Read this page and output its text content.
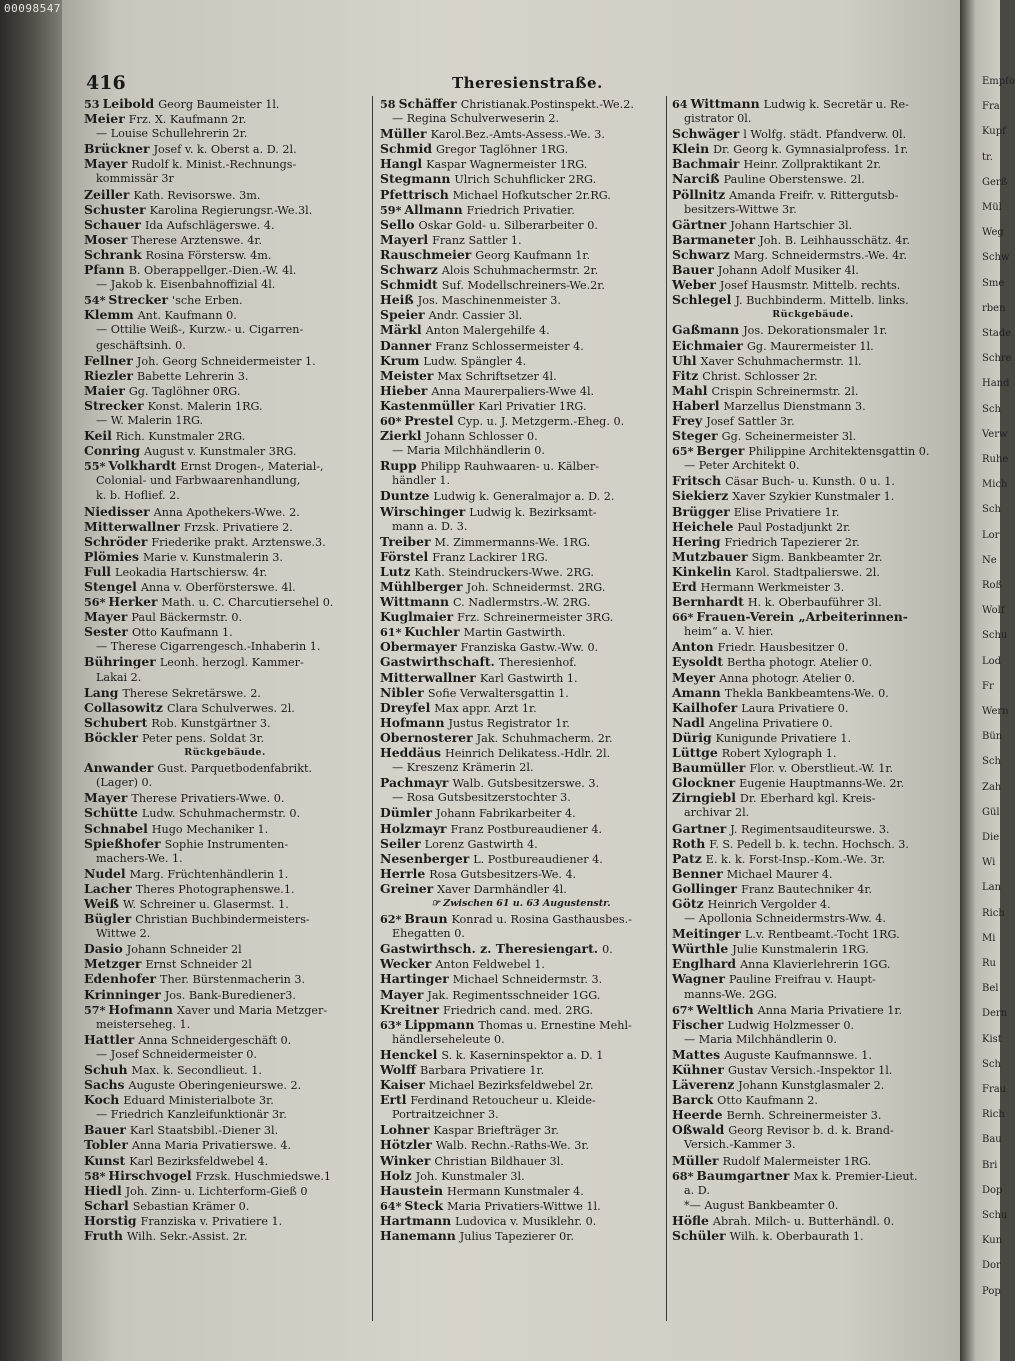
00098547
416	Theresienstraße.
53 Leibold Georg Baumeister 1l.
Meier Frz. X. Kaufmann 2r.
— Louise Schullehrerin 2r.
Brückner Josef v. k. Oberst a. D. 2l.
Mayer Rudolf k. Minist.-Rechnungs-
kommissär 3r
Zeiller Kath. Revisorswe. 3m.
Schuster Karolina Regierungsr.-We.3l.
Schauer Ida Aufschlägerswe. 4.
Moser Therese Arztenswe. 4r.
Schrank Rosina Förstersw. 4m.
Pfann B. Oberappellger.-Dien.-W. 4l.
— Jakob k. Eisenbahnoffizial 4l.
54* Strecker 'sche Erben.
Klemm Ant. Kaufmann 0.
— Ottilie Weiß-, Kurzw.- u. Cigarren-
geschäftsinh. 0.
Fellner Joh. Georg Schneidermeister 1.
Riezler Babette Lehrerin 3.
Maier Gg. Taglöhner 0RG.
Strecker Konst. Malerin 1RG.
— W. Malerin 1RG.
Keil Rich. Kunstmaler 2RG.
Conring August v. Kunstmaler 3RG.
55* Volkhardt Ernst Drogen-, Material-,
Colonial- und Farbwaarenhandlung,
k. b. Hoflief. 2.
Niedisser Anna Apothekers-Wwe. 2.
Mitterwallner Frzsk. Privatiere 2.
Schröder Friederike prakt. Arztenswe.3.
Plömies Marie v. Kunstmalerin 3.
Full Leokadia Hartschiersw. 4r.
Stengel Anna v. Oberförsterswe. 4l.
56* Herker Math. u. C. Charcutiersehel 0.
Mayer Paul Bäckermstr. 0.
Sester Otto Kaufmann 1.
— Therese Cigarrengesch.-Inhaberin 1.
Bühringer Leonh. herzogl. Kammer-
Lakai 2.
Lang Therese Sekretärswe. 2.
Collasowitz Clara Schulverwes. 2l.
Schubert Rob. Kunstgärtner 3.
Böckler Peter pens. Soldat 3r.
Rückgebäude.
Anwander Gust. Parquetbodenfabrikt.
(Lager) 0.
Mayer Therese Privatiers-Wwe. 0.
Schütte Ludw. Schuhmachermstr. 0.
Schnabel Hugo Mechaniker 1.
Spießhofer Sophie Instrumenten-
machers-We. 1.
Nudel Marg. Früchtenhändlerin 1.
Lacher Theres Photographenswe.1.
Weiß W. Schreiner u. Glasermst. 1.
Bügler Christian Buchbindermeisters-
Wittwe 2.
Dasio Johann Schneider 2l
Metzger Ernst Schneider 2l
Edenhofer Ther. Bürstenmacherin 3.
Krinninger Jos. Bank-Burediener3.
57* Hofmann Xaver und Maria Metzger-
meisterseheg. 1.
Hattler Anna Schneidergeschäft 0.
— Josef Schneidermeister 0.
Schuh Max. k. Secondlieut. 1.
Sachs Auguste Oberingenieurswe. 2.
Koch Eduard Ministerialbote 3r.
— Friedrich Kanzleifunktionär 3r.
Bauer Karl Staatsbibl.-Diener 3l.
Tobler Anna Maria Privatierswe. 4.
Kunst Karl Bezirksfeldwebel 4.
58* Hirschvogel Frzsk. Huschmiedswe.1
Hiedl Joh. Zinn- u. Lichterform-Gieß 0
Scharl Sebastian Krämer 0.
Horstig Franziska v. Privatiere 1.
Fruth Wilh. Sekr.-Assist. 2r.
58 Schäffer Christianak.Postinspekt.-We.2.
— Regina Schulverweserin 2.
Müller Karol.Bez.-Amts-Assess.-We. 3.
Schmid Gregor Taglöhner 1RG.
Hangl Kaspar Wagnermeister 1RG.
Stegmann Ulrich Schuhflicker 2RG.
Pfettrisch Michael Hofkutscher 2r.RG.
59* Allmann Friedrich Privatier.
Sello Oskar Gold- u. Silberarbeiter 0.
Mayerl Franz Sattler 1.
Rauschmeier Georg Kaufmann 1r.
Schwarz Alois Schuhmachermstr. 2r.
Schmidt Suf. Modellschreiners-We.2r.
Heiß Jos. Maschinenmeister 3.
Speier Andr. Cassier 3l.
Märkl Anton Malergehilfe 4.
Danner Franz Schlossermeister 4.
Krum Ludw. Spängler 4.
Meister Max Schriftsetzer 4l.
Hieber Anna Maurerpaliers-Wwe 4l.
Kastenmüller Karl Privatier 1RG.
60* Prestel Cyp. u. J. Metzgerm.-Eheg. 0.
Zierkl Johann Schlosser 0.
— Maria Milchhändlerin 0.
Rupp Philipp Rauhwaaren- u. Kälber-
händler 1.
Duntze Ludwig k. Generalmajor a. D. 2.
Wirschinger Ludwig k. Bezirksamt-
mann a. D. 3.
Treiber M. Zimmermanns-We. 1RG.
Förstel Franz Lackirer 1RG.
Lutz Kath. Steindruckers-Wwe. 2RG.
Mühlberger Joh. Schneidermst. 2RG.
Wittmann C. Nadlermstrs.-W. 2RG.
Kuglmaier Frz. Schreinermeister 3RG.
61* Kuchler Martin Gastwirth.
Obermayer Franziska Gastw.-Ww. 0.
Gastwirthschaft. Theresienhof.
Mitterwallner Karl Gastwirth 1.
Nibler Sofie Verwaltersgattin 1.
Dreyfel Max appr. Arzt 1r.
Hofmann Justus Registrator 1r.
Obernosterer Jak. Schuhmacherm. 2r.
Heddäus Heinrich Delikatess.-Hdlr. 2l.
— Kreszenz Krämerin 2l.
Pachmayr Walb. Gutsbesitzerswe. 3.
— Rosa Gutsbesitzerstochter 3.
Dümler Johann Fabrikarbeiter 4.
Holzmayr Franz Postbureaudiener 4.
Seiler Lorenz Gastwirth 4.
Nesenberger L. Postbureaudiener 4.
Herrle Rosa Gutsbesitzers-We. 4.
Greiner Xaver Darmhändler 4l.
☞ Zwischen 61 u. 63 Augustenstr.
62* Braun Konrad u. Rosina Gasthausbes.-
Ehegatten 0.
Gastwirthsch. z. Theresiengart. 0.
Wecker Anton Feldwebel 1.
Hartinger Michael Schneidermstr. 3.
Mayer Jak. Regimentsschneider 1GG.
Kreitner Friedrich cand. med. 2RG.
63* Lippmann Thomas u. Ernestine Mehl-
händlerseheleute 0.
Henckel S. k. Kaserninspektor a. D. 1
Wolff Barbara Privatiere 1r.
Kaiser Michael Bezirksfeldwebel 2r.
Ertl Ferdinand Retoucheur u. Kleide-
Portraitzeichner 3.
Lohner Kaspar Briefträger 3r.
Hötzler Walb. Rechn.-Raths-We. 3r.
Winker Christian Bildhauer 3l.
Holz Joh. Kunstmaler 3l.
Haustein Hermann Kunstmaler 4.
64* Steck Maria Privatiers-Wittwe 1l.
Hartmann Ludovica v. Musiklehr. 0.
Hanemann Julius Tapezierer 0r.
64 Wittmann Ludwig k. Secretär u. Re-
gistrator 0l.
Schwäger l Wolfg. städt. Pfandverw. 0l.
Klein Dr. Georg k. Gymnasialprofess. 1r.
Bachmair Heinr. Zollpraktikant 2r.
Narciß Pauline Oberstenswe. 2l.
Pöllnitz Amanda Freifr. v. Rittergutsb-
besitzers-Wittwe 3r.
Gärtner Johann Hartschier 3l.
Barmaneter Joh. B. Leihhausschätz. 4r.
Schwarz Marg. Schneidermstrs.-We. 4r.
Bauer Johann Adolf Musiker 4l.
Weber Josef Hausmstr. Mittelb. rechts.
Schlegel J. Buchbinderm. Mittelb. links.
Rückgebäude.
Gaßmann Jos. Dekorationsmaler 1r.
Eichmaier Gg. Maurermeister 1l.
Uhl Xaver Schuhmachermstr. 1l.
Fitz Christ. Schlosser 2r.
Mahl Crispin Schreinermstr. 2l.
Haberl Marzellus Dienstmann 3.
Frey Josef Sattler 3r.
Steger Gg. Scheinermeister 3l.
65* Berger Philippine Architektensgattin 0.
— Peter Architekt 0.
Fritsch Cäsar Buch- u. Kunsth. 0 u. 1.
Siekierz Xaver Szykier Kunstmaler 1.
Brügger Elise Privatiere 1r.
Heichele Paul Postadjunkt 2r.
Hering Friedrich Tapezierer 2r.
Mutzbauer Sigm. Bankbeamter 2r.
Kinkelin Karol. Stadtpalierswe. 2l.
Erd Hermann Werkmeister 3.
Bernhardt H. k. Oberbauführer 3l.
66* Frauen-Verein „Arbeiterinnen-
heim“ a. V. hier.
Anton Friedr. Hausbesitzer 0.
Eysoldt Bertha photogr. Atelier 0.
Meyer Anna photogr. Atelier 0.
Amann Thekla Bankbeamtens-We. 0.
Kailhofer Laura Privatiere 0.
Nadl Angelina Privatiere 0.
Dürig Kunigunde Privatiere 1.
Lüttge Robert Xylograph 1.
Baumüller Flor. v. Oberstlieut.-W. 1r.
Glockner Eugenie Hauptmanns-We. 2r.
Zirngiebl Dr. Eberhard kgl. Kreis-
archivar 2l.
Gartner J. Regimentsauditeurswe. 3.
Roth F. S. Pedell b. k. techn. Hochsch. 3.
Patz E. k. k. Forst-Insp.-Kom.-We. 3r.
Benner Michael Maurer 4.
Gollinger Franz Bautechniker 4r.
Götz Heinrich Vergolder 4.
— Apollonia Schneidermstrs-Ww. 4.
Meitinger L.v. Rentbeamt.-Tocht 1RG.
Würthle Julie Kunstmalerin 1RG.
Englhard Anna Klavierlehrerin 1GG.
Wagner Pauline Freifrau v. Haupt-
manns-We. 2GG.
67* Weltlich Anna Maria Privatiere 1r.
Fischer Ludwig Holzmesser 0.
— Maria Milchhändlerin 0.
Mattes Auguste Kaufmannswe. 1.
Kühner Gustav Versich.-Inspektor 1l.
Läverenz Johann Kunstglasmaler 2.
Barck Otto Kaufmann 2.
Heerde Bernh. Schreinermeister 3.
Oßwald Georg Revisor b. d. k. Brand-
Versich.-Kammer 3.
Müller Rudolf Malermeister 1RG.
68* Baumgartner Max k. Premier-Lieut.
a. D.
*— August Bankbeamter 0.
Höfle Abrah. Milch- u. Butterhändl. 0.
Schüler Wilh. k. Oberbaurath 1.
Empfo
Fra
Kupf
tr.
Gerß
Mül
Weg
Schw
Sme
rben
Stade
Schre
Hand
Sch
Verw
Ruhe
Mich
Sch
Lor
Ne
Roß
Wolf
Schu
Lod
Fr
Wern
Bün
Sch
Zah
Gül
Die
Wi
Lan
Rich
Mi
Ru
Bel
Dern
Kist
Sch
Frau
Rich
Bau
Bri
Dop
Schu
Kun
Dor
Pop
